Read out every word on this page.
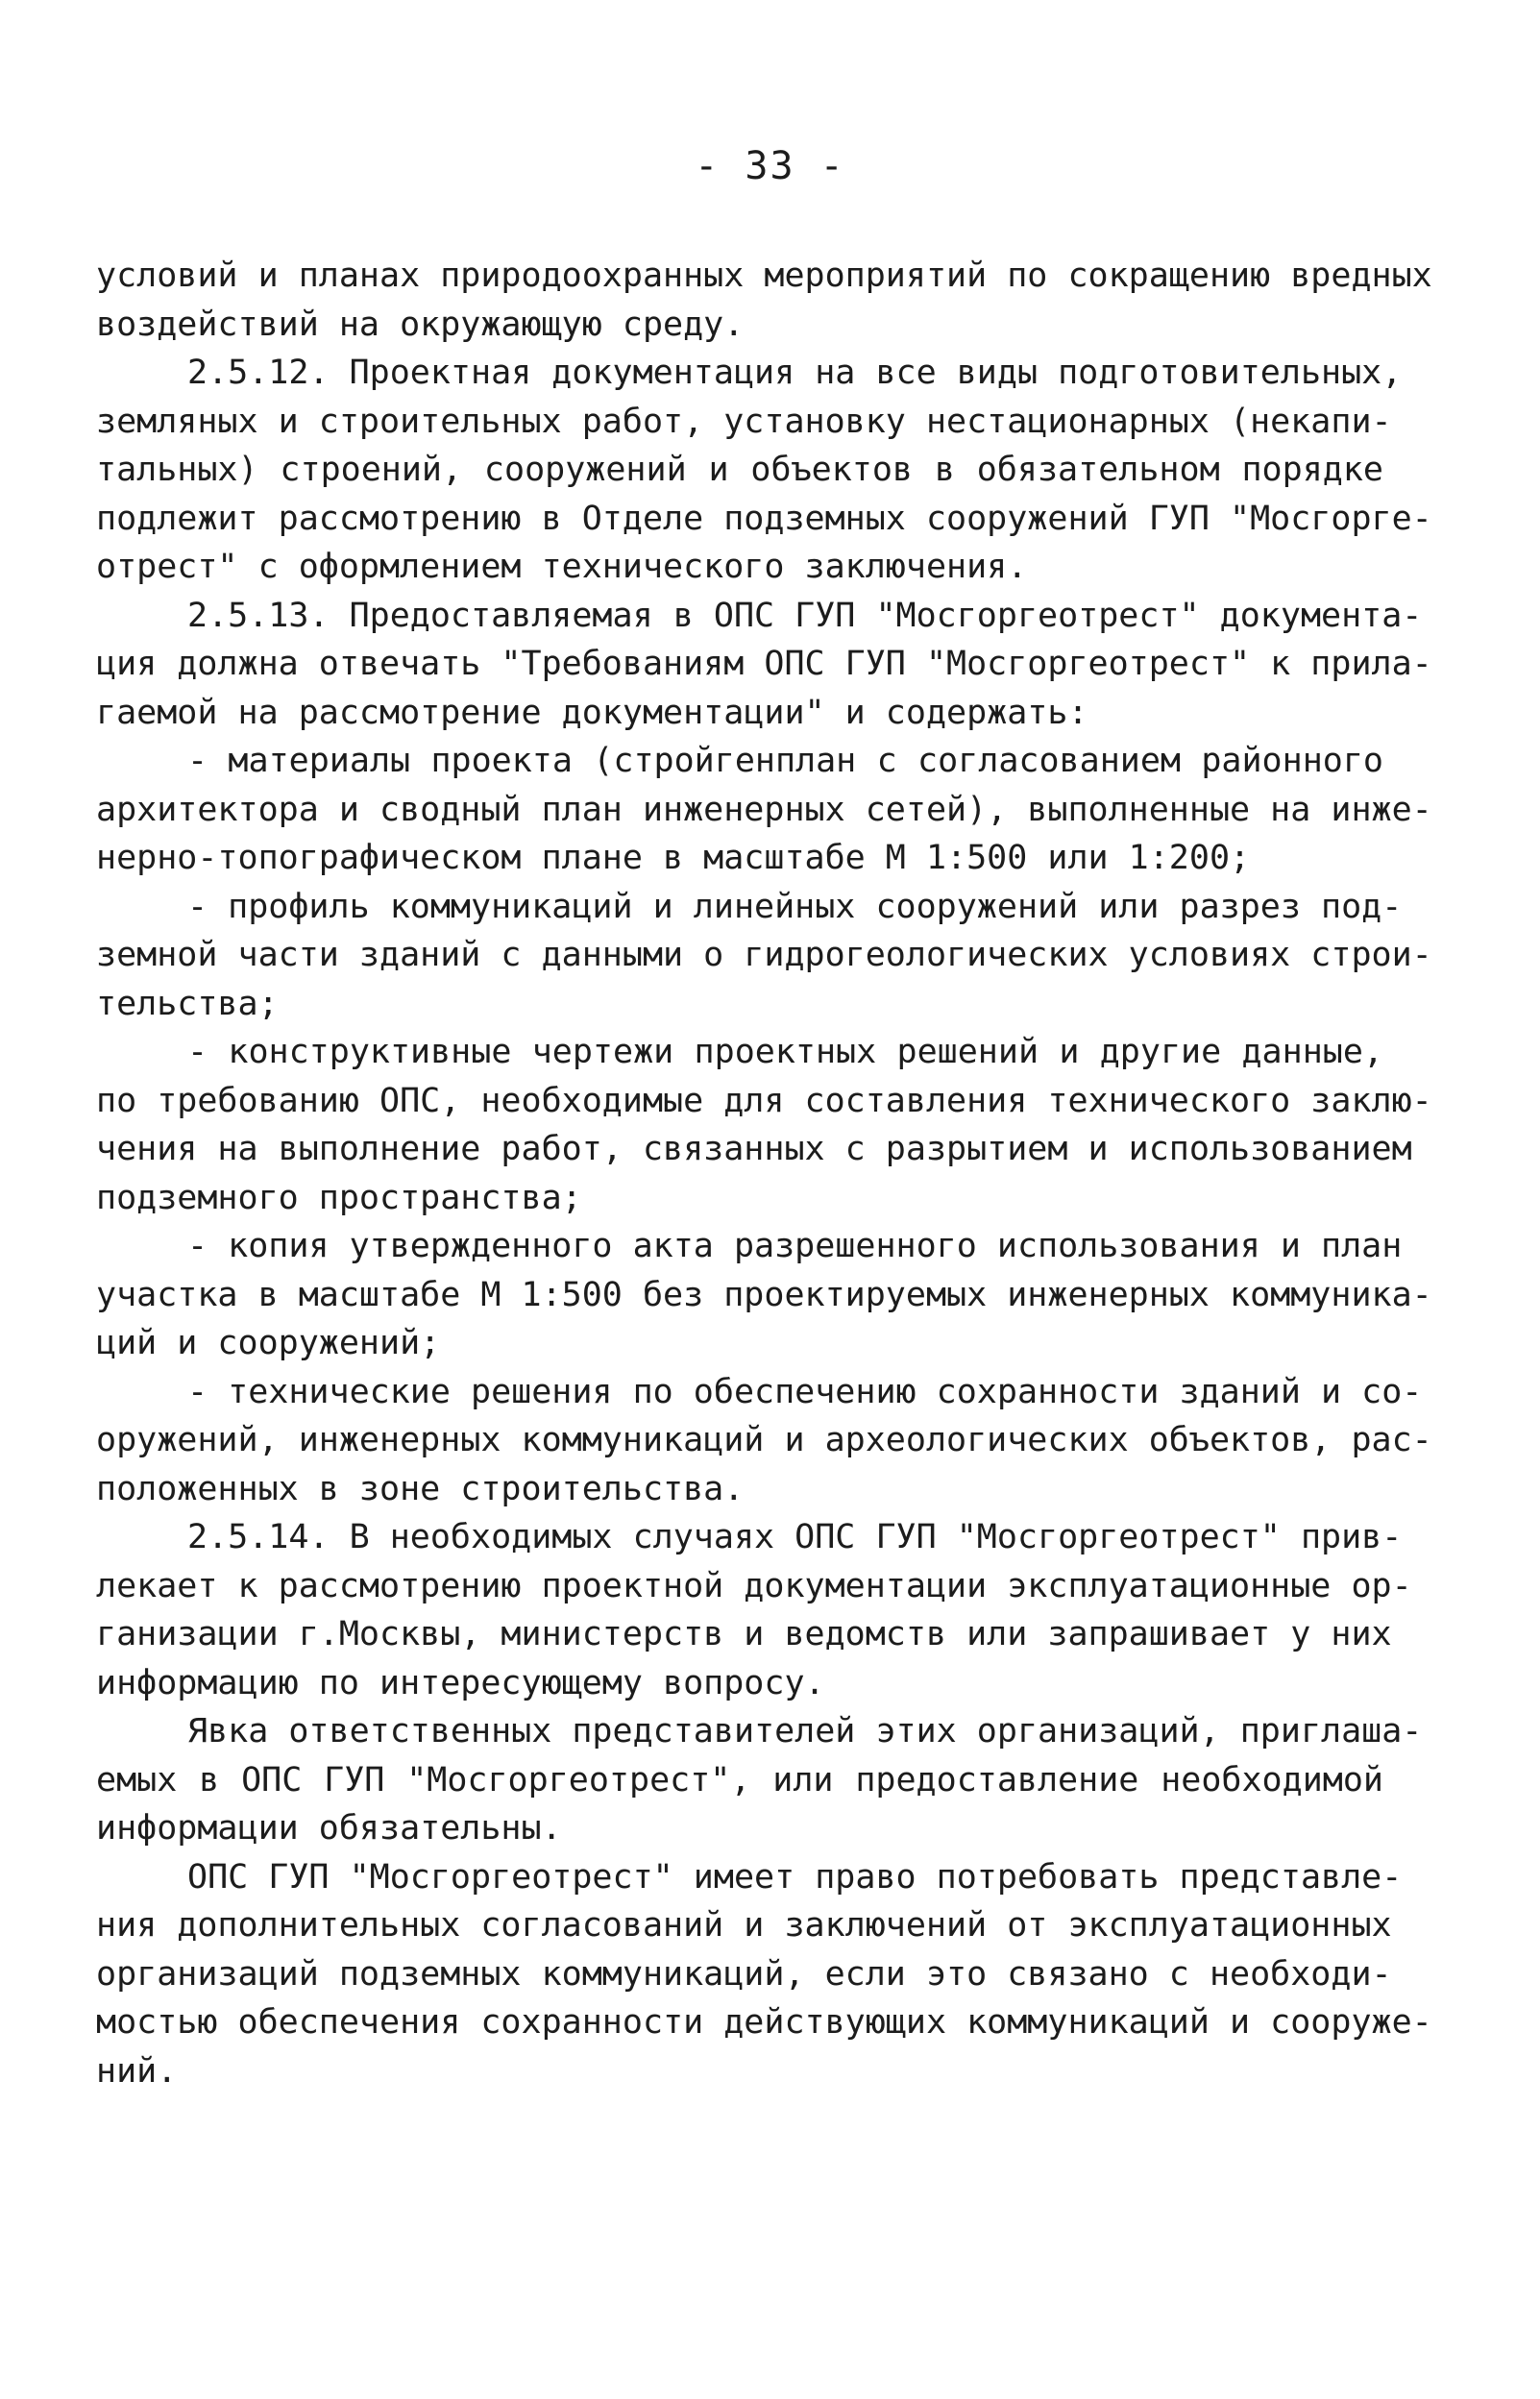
- 33 -

условий и планах природоохранных мероприятий по сокращению вредных
воздействий на окружающую среду.

2.5.12. Проектная документация на все виды подготовительных,
земляных и строительных работ, установку нестационарных (некапи-
тальных) строений, сооружений и объектов в обязательном порядке
подлежит рассмотрению в Отделе подземных сооружений ГУП "Мосгорге-
отрест" с оформлением технического заключения.

2.5.13. Предоставляемая в ОПС ГУП "Мосгоргеотрест" документа-
ция должна отвечать "Требованиям ОПС ГУП "Мосгоргеотрест" к прила-
гаемой на рассмотрение документации" и содержать:

- материалы проекта (стройгенплан с согласованием районного
архитектора и сводный план инженерных сетей), выполненные на инже-
нерно-топографическом плане в масштабе М 1:500 или 1:200;

- профиль коммуникаций и линейных сооружений или разрез под-
земной части зданий с данными о гидрогеологических условиях строи-
тельства;

- конструктивные чертежи проектных решений и другие данные,
по требованию ОПС, необходимые для составления технического заклю-
чения на выполнение работ, связанных с разрытием и использованием
подземного пространства;

- копия утвержденного акта разрешенного использования и план
участка в масштабе М 1:500 без проектируемых инженерных коммуника-
ций и сооружений;

- технические решения по обеспечению сохранности зданий и со-
оружений, инженерных коммуникаций и археологических объектов, рас-
положенных в зоне строительства.

2.5.14. В необходимых случаях ОПС ГУП "Мосгоргеотрест" прив-
лекает к рассмотрению проектной документации эксплуатационные ор-
ганизации г.Москвы, министерств и ведомств или запрашивает у них
информацию по интересующему вопросу.

Явка ответственных представителей этих организаций, приглаша-
емых в ОПС ГУП "Мосгоргеотрест", или предоставление необходимой
информации обязательны.

ОПС ГУП "Мосгоргеотрест" имеет право потребовать представле-
ния дополнительных согласований и заключений от эксплуатационных
организаций подземных коммуникаций, если это связано с необходи-
мостью обеспечения сохранности действующих коммуникаций и сооруже-
ний.
